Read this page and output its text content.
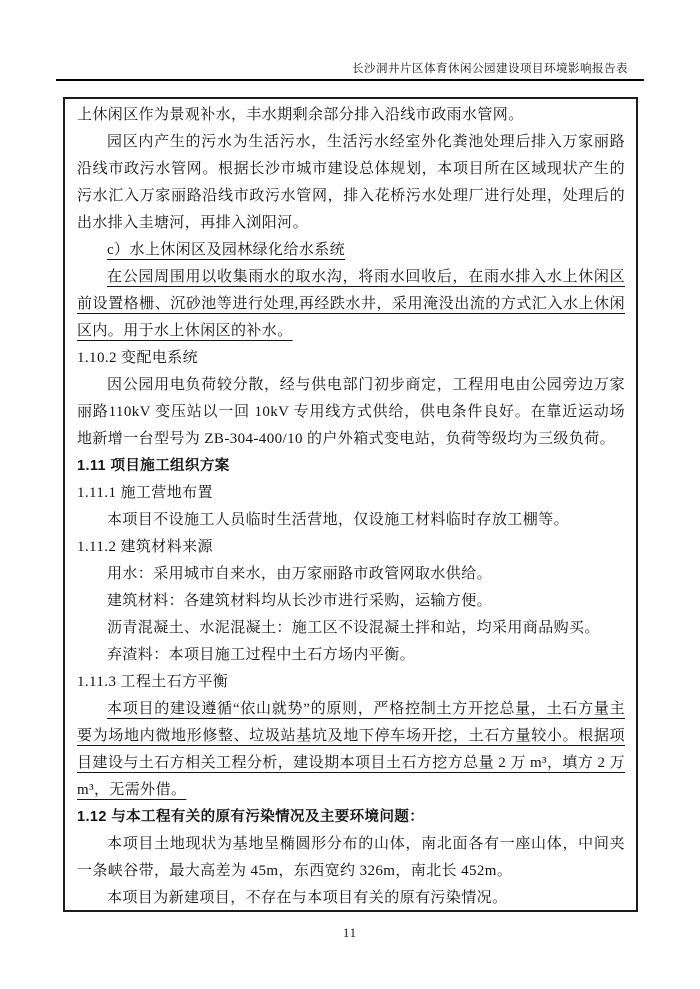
长沙洞井片区体育休闲公园建设项目环境影响报告表

上休闲区作为景观补水，丰水期剩余部分排入沿线市政雨水管网。

园区内产生的污水为生活污水，生活污水经室外化粪池处理后排入万家丽路沿线市政污水管网。根据长沙市城市建设总体规划，本项目所在区域现状产生的污水汇入万家丽路沿线市政污水管网，排入花桥污水处理厂进行处理，处理后的出水排入圭塘河，再排入浏阳河。

c）水上休闲区及园林绿化给水系统

在公园周围用以收集雨水的取水沟，将雨水回收后，在雨水排入水上休闲区前设置格栅、沉砂池等进行处理,再经跌水井，采用淹没出流的方式汇入水上休闲区内。用于水上休闲区的补水。

1.10.2 变配电系统

因公园用电负荷较分散，经与供电部门初步商定，工程用电由公园旁边万家丽路110kV 变压站以一回 10kV 专用线方式供给，供电条件良好。在靠近运动场地新增一台型号为 ZB-304-400/10 的户外箱式变电站，负荷等级均为三级负荷。

1.11 项目施工组织方案

1.11.1 施工营地布置

本项目不设施工人员临时生活营地，仅设施工材料临时存放工棚等。

1.11.2 建筑材料来源

用水：采用城市自来水，由万家丽路市政管网取水供给。

建筑材料：各建筑材料均从长沙市进行采购，运输方便。

沥青混凝土、水泥混凝土：施工区不设混凝土拌和站，均采用商品购买。

弃渣料：本项目施工过程中土石方场内平衡。

1.11.3 工程土石方平衡

本项目的建设遵循“依山就势”的原则，严格控制土方开挖总量，土石方量主要为场地内微地形修整、垃圾站基坑及地下停车场开挖，土石方量较小。根据项目建设与土石方相关工程分析，建设期本项目土石方挖方总量 2 万 m³，填方 2 万 m³，无需外借。

1.12 与本工程有关的原有污染情况及主要环境问题：

本项目土地现状为基地呈椭圆形分布的山体，南北面各有一座山体，中间夹一条峡谷带，最大高差为 45m，东西宽约 326m，南北长 452m。

本项目为新建项目，不存在与本项目有关的原有污染情况。

11
